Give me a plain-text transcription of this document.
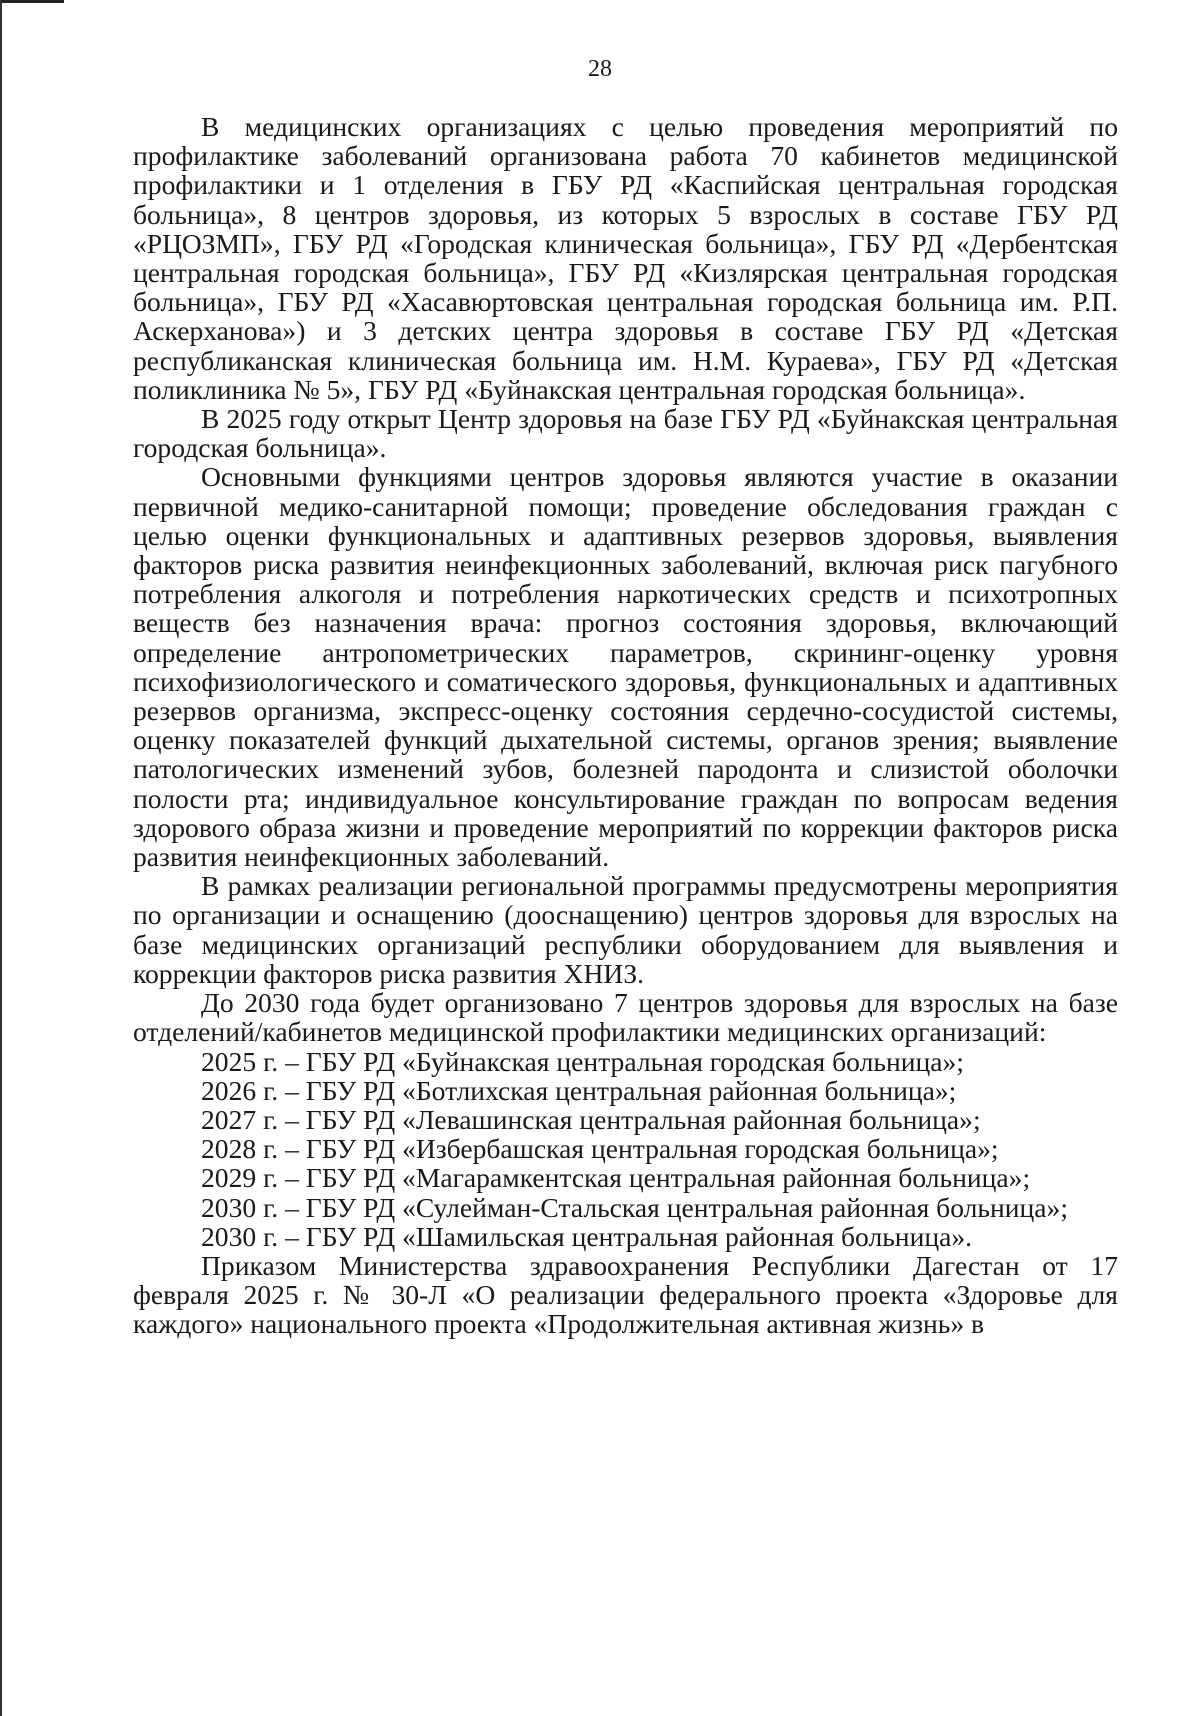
28

В медицинских организациях с целью проведения мероприятий по профилактике заболеваний организована работа 70 кабинетов медицинской профилактики и 1 отделения в ГБУ РД «Каспийская центральная городская больница», 8 центров здоровья, из которых 5 взрослых в составе ГБУ РД «РЦОЗМП», ГБУ РД «Городская клиническая больница», ГБУ РД «Дербентская центральная городская больница», ГБУ РД «Кизлярская центральная городская больница», ГБУ РД «Хасавюртовская центральная городская больница им. Р.П. Аскерханова») и 3 детских центра здоровья в составе ГБУ РД «Детская республиканская клиническая больница им. Н.М. Кураева», ГБУ РД «Детская поликлиника № 5», ГБУ РД «Буйнакская центральная городская больница».

В 2025 году открыт Центр здоровья на базе ГБУ РД «Буйнакская центральная городская больница».

Основными функциями центров здоровья являются участие в оказании первичной медико-санитарной помощи; проведение обследования граждан с целью оценки функциональных и адаптивных резервов здоровья, выявления факторов риска развития неинфекционных заболеваний, включая риск пагубного потребления алкоголя и потребления наркотических средств и психотропных веществ без назначения врача: прогноз состояния здоровья, включающий определение антропометрических параметров, скрининг-оценку уровня психофизиологического и соматического здоровья, функциональных и адаптивных резервов организма, экспресс-оценку состояния сердечно-сосудистой системы, оценку показателей функций дыхательной системы, органов зрения; выявление патологических изменений зубов, болезней пародонта и слизистой оболочки полости рта; индивидуальное консультирование граждан по вопросам ведения здорового образа жизни и проведение мероприятий по коррекции факторов риска развития неинфекционных заболеваний.

В рамках реализации региональной программы предусмотрены мероприятия по организации и оснащению (дооснащению) центров здоровья для взрослых на базе медицинских организаций республики оборудованием для выявления и коррекции факторов риска развития ХНИЗ.

До 2030 года будет организовано 7 центров здоровья для взрослых на базе отделений/кабинетов медицинской профилактики медицинских организаций:

2025 г. – ГБУ РД «Буйнакская центральная городская больница»;

2026 г. – ГБУ РД «Ботлихская центральная районная больница»;

2027 г. – ГБУ РД «Левашинская центральная районная больница»;

2028 г. – ГБУ РД «Избербашская центральная городская больница»;

2029 г. – ГБУ РД «Магарамкентская центральная районная больница»;

2030 г. – ГБУ РД «Сулейман-Стальская центральная районная больница»;

2030 г. – ГБУ РД «Шамильская центральная районная больница».

Приказом Министерства здравоохранения Республики Дагестан от 17 февраля 2025 г. № 30-Л «О реализации федерального проекта «Здоровье для каждого» национального проекта «Продолжительная активная жизнь» в
